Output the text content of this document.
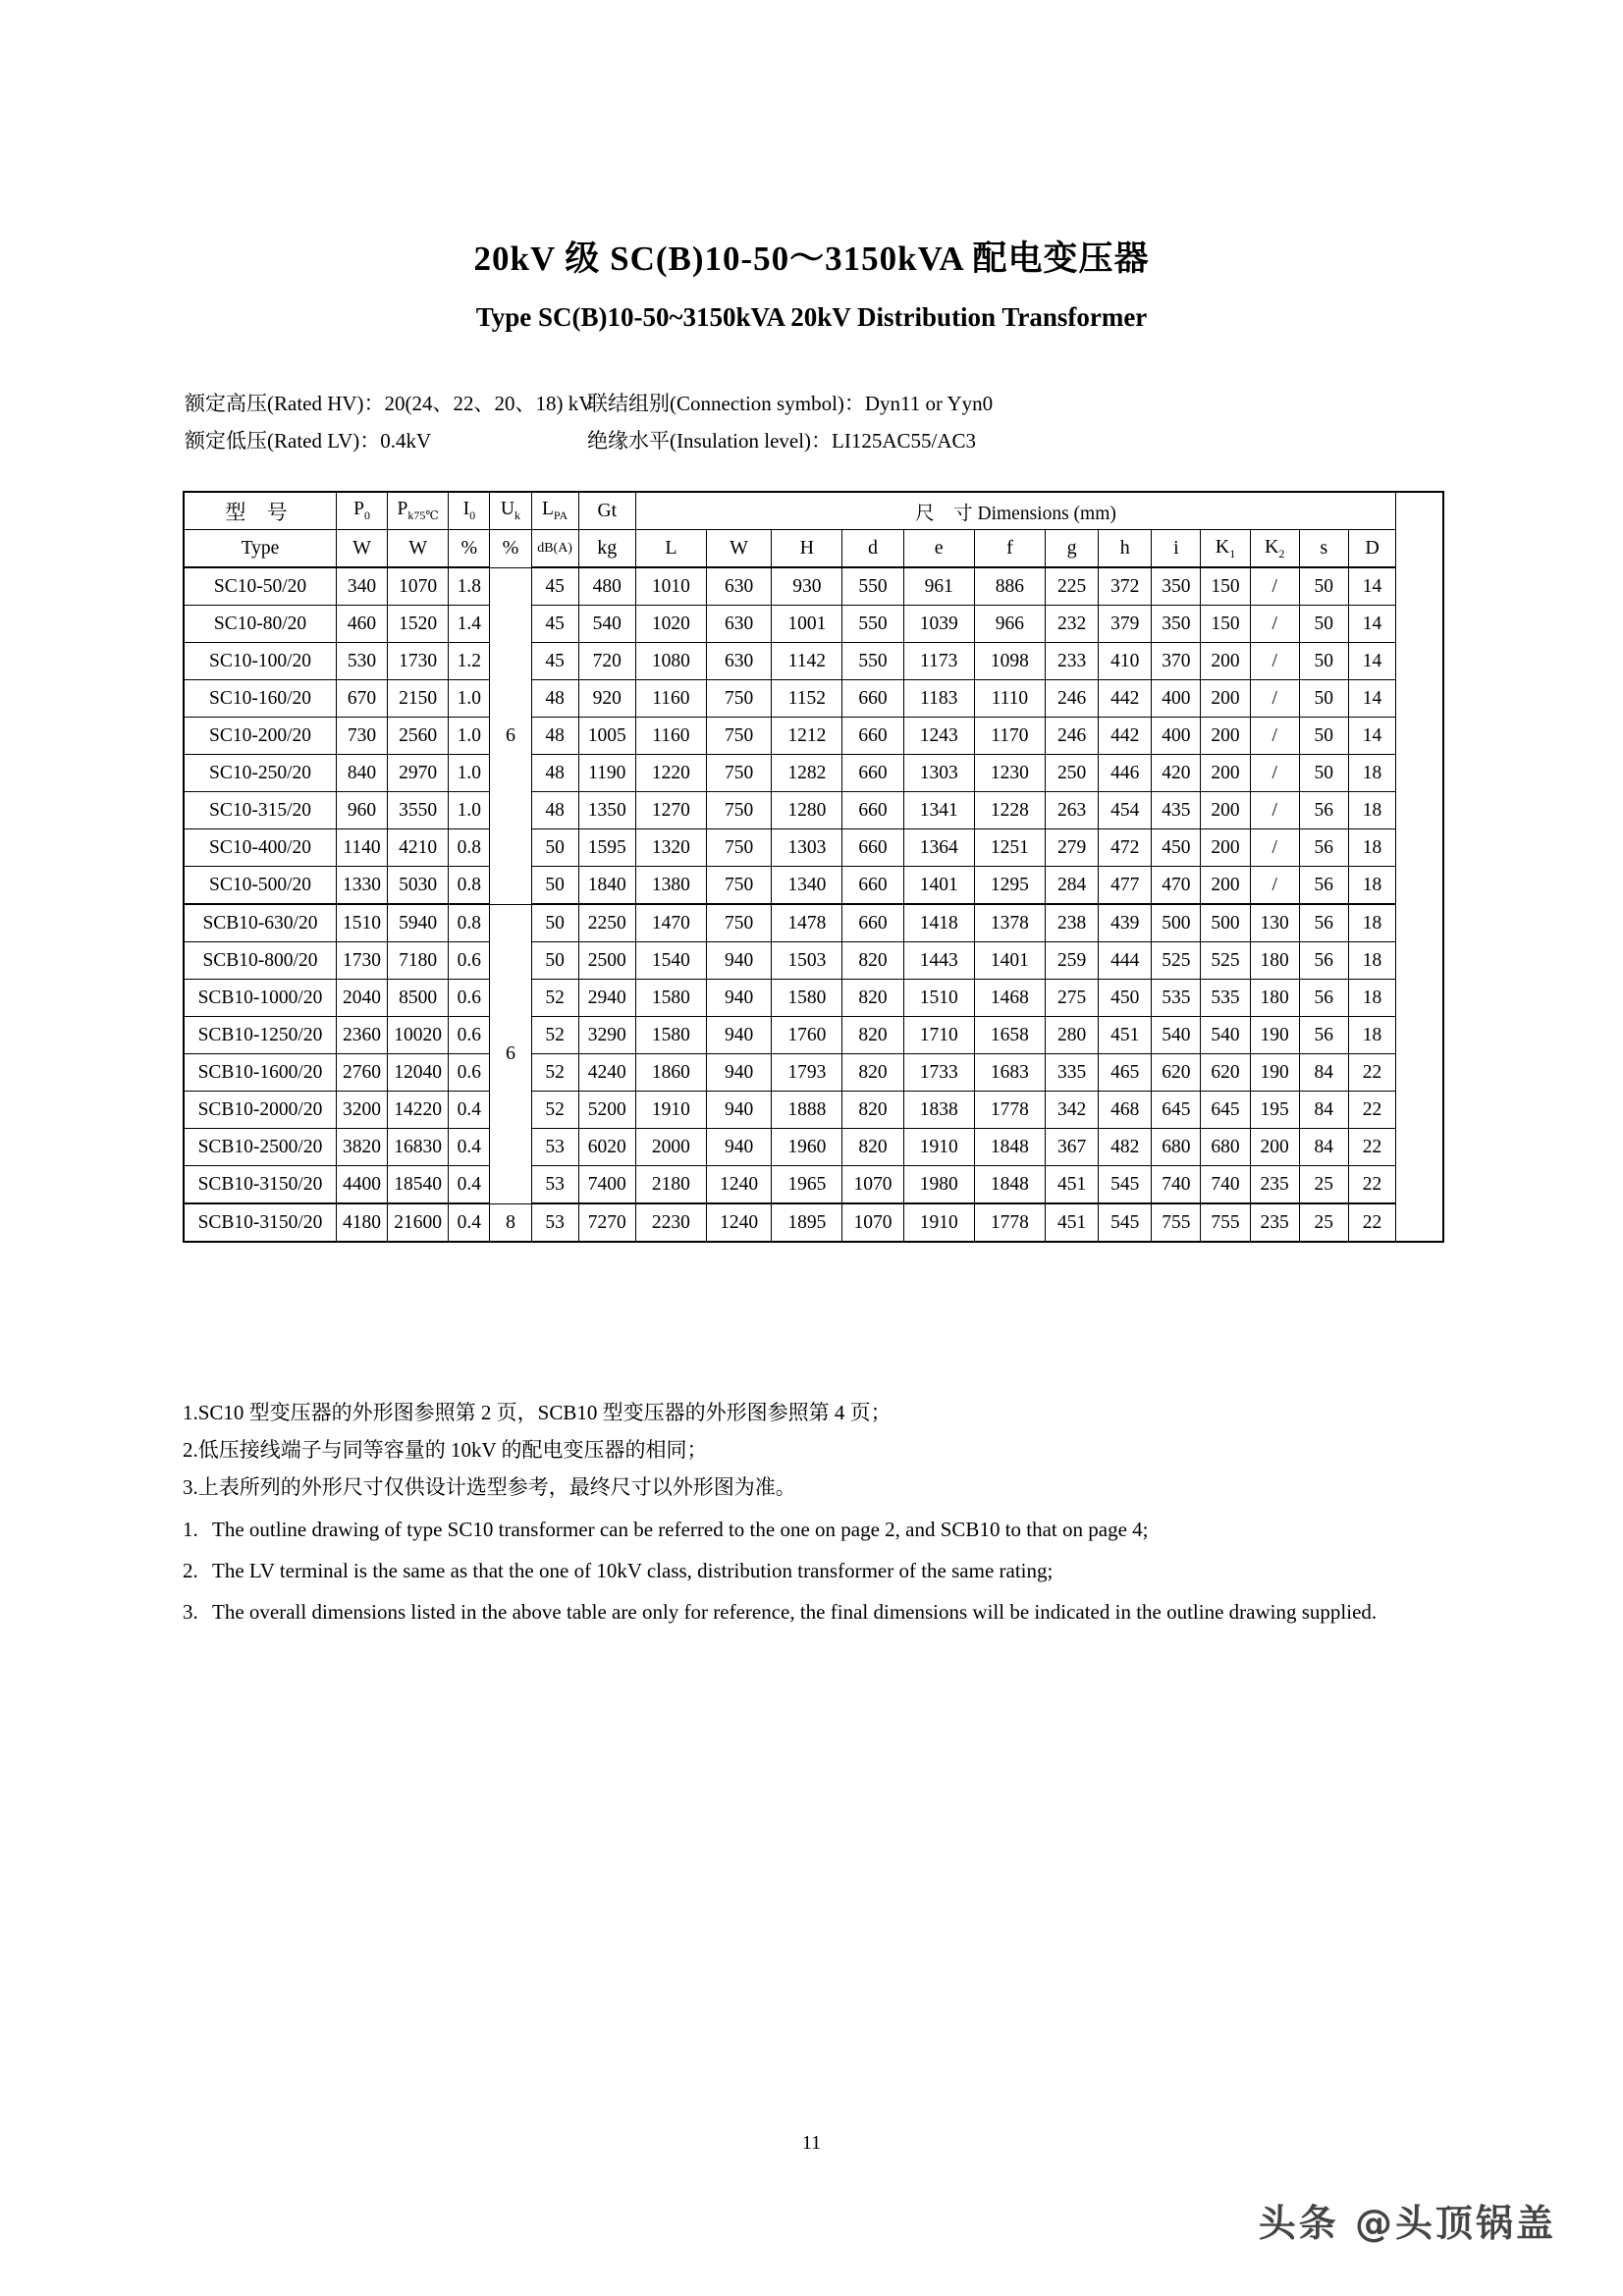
20kV 级 SC(B)10-50～3150kVA 配电变压器
Type SC(B)10-50~3150kVA 20kV Distribution Transformer
额定高压(Rated HV)：20(24、22、20、18) kV
联结组别(Connection symbol)：Dyn11 or Yyn0
额定低压(Rated LV)：0.4kV	绝缘水平(Insulation level)：LI125AC55/AC3
型 号	$P_0$	$P_{k75℃}$	$I_0$	$U_k$	$L_{PA}$	Gt	尺　寸 Dimensions (mm)												
Type	W	W	%	%	dB(A)	kg	L	W	H	d	e	f	g	h	i	$K_1$	$K_2$	s	D
SC10-50/20	340	1070	1.8	6	45	480	1010	630	930	550	961	886	225	372	350	150	/	50	14
SC10-80/20	460	1520	1.4		45	540	1020	630	1001	550	1039	966	232	379	350	150	/	50	14
SC10-100/20	530	1730	1.2		45	720	1080	630	1142	550	1173	1098	233	410	370	200	/	50	14
SC10-160/20	670	2150	1.0		48	920	1160	750	1152	660	1183	1110	246	442	400	200	/	50	14
SC10-200/20	730	2560	1.0		48	1005	1160	750	1212	660	1243	1170	246	442	400	200	/	50	14
SC10-250/20	840	2970	1.0		48	1190	1220	750	1282	660	1303	1230	250	446	420	200	/	50	18
SC10-315/20	960	3550	1.0		48	1350	1270	750	1280	660	1341	1228	263	454	435	200	/	56	18
SC10-400/20	1140	4210	0.8		50	1595	1320	750	1303	660	1364	1251	279	472	450	200	/	56	18
SC10-500/20	1330	5030	0.8		50	1840	1380	750	1340	660	1401	1295	284	477	470	200	/	56	18
SCB10-630/20	1510	5940	0.8	6	50	2250	1470	750	1478	660	1418	1378	238	439	500	500	130	56	18
SCB10-800/20	1730	7180	0.6		50	2500	1540	940	1503	820	1443	1401	259	444	525	525	180	56	18
SCB10-1000/20	2040	8500	0.6		52	2940	1580	940	1580	820	1510	1468	275	450	535	535	180	56	18
SCB10-1250/20	2360	10020	0.6		52	3290	1580	940	1760	820	1710	1658	280	451	540	540	190	56	18
SCB10-1600/20	2760	12040	0.6		52	4240	1860	940	1793	820	1733	1683	335	465	620	620	190	84	22
SCB10-2000/20	3200	14220	0.4		52	5200	1910	940	1888	820	1838	1778	342	468	645	645	195	84	22
SCB10-2500/20	3820	16830	0.4		53	6020	2000	940	1960	820	1910	1848	367	482	680	680	200	84	22
SCB10-3150/20	4400	18540	0.4		53	7400	2180	1240	1965	1070	1980	1848	451	545	740	740	235	25	22
SCB10-3150/20	4180	21600	0.4	8	53	7270	2230	1240	1895	1070	1910	1778	451	545	755	755	235	25	22
1.SC10 型变压器的外形图参照第 2 页，SCB10 型变压器的外形图参照第 4 页；
2.低压接线端子与同等容量的 10kV 的配电变压器的相同；
3.上表所列的外形尺寸仅供设计选型参考，最终尺寸以外形图为准。
1. The outline drawing of type SC10 transformer can be referred to the one on page 2, and SCB10 to that on page 4;
2. The LV terminal is the same as that the one of 10kV class, distribution transformer of the same rating;
3. The overall dimensions listed in the above table are only for reference, the final dimensions will be indicated in the outline drawing supplied.
11
头条 @头顶锅盖
